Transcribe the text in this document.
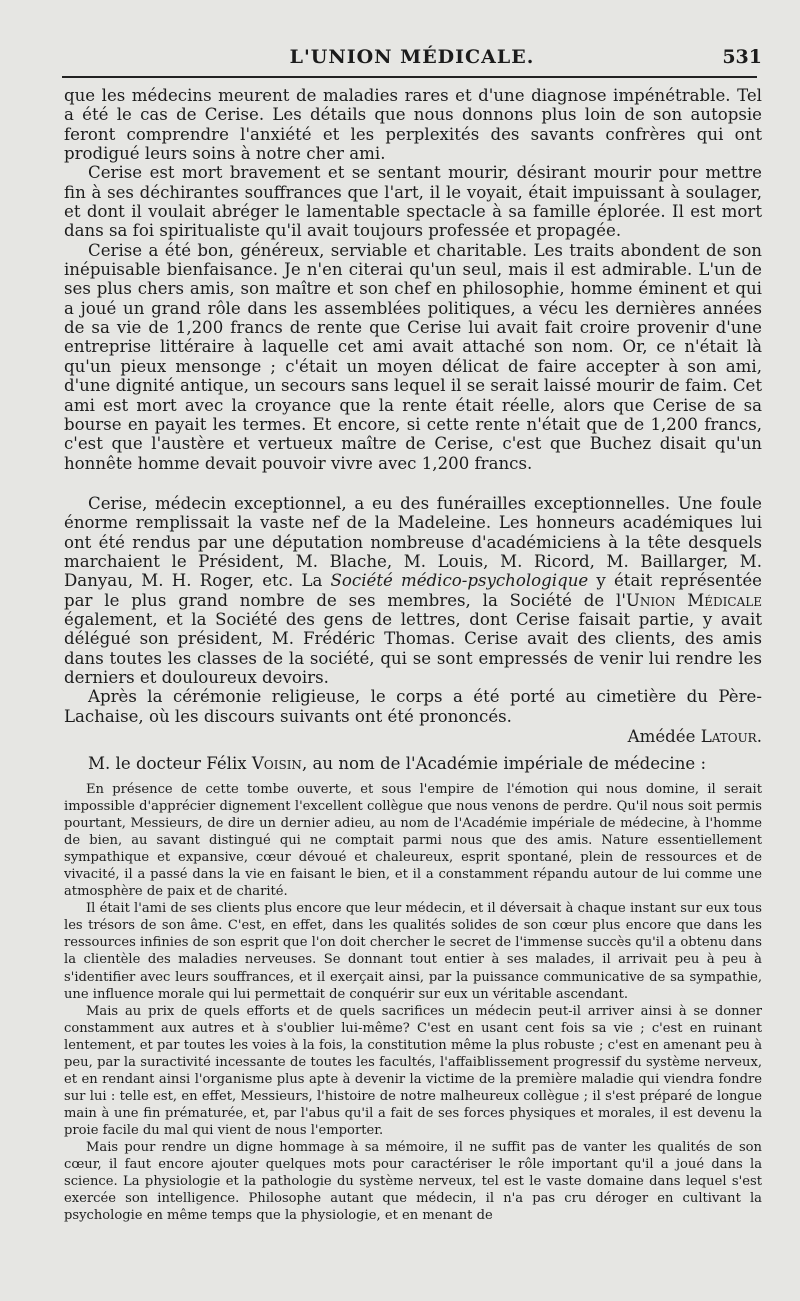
L'UNION MÉDICALE.	531

que les médecins meurent de maladies rares et d'une diagnose impénétrable. Tel a été le cas de Cerise. Les détails que nous donnons plus loin de son autopsie feront comprendre l'anxiété et les perplexités des savants confrères qui ont prodigué leurs soins à notre cher ami.

Cerise est mort bravement et se sentant mourir, désirant mourir pour mettre fin à ses déchirantes souffrances que l'art, il le voyait, était impuissant à soulager, et dont il voulait abréger le lamentable spectacle à sa famille éplorée. Il est mort dans sa foi spiritualiste qu'il avait toujours professée et propagée.

Cerise a été bon, généreux, serviable et charitable. Les traits abondent de son inépuisable bienfaisance. Je n'en citerai qu'un seul, mais il est admirable. L'un de ses plus chers amis, son maître et son chef en philosophie, homme éminent et qui a joué un grand rôle dans les assemblées politiques, a vécu les dernières années de sa vie de 1,200 francs de rente que Cerise lui avait fait croire provenir d'une entreprise littéraire à laquelle cet ami avait attaché son nom. Or, ce n'était là qu'un pieux mensonge ; c'était un moyen délicat de faire accepter à son ami, d'une dignité antique, un secours sans lequel il se serait laissé mourir de faim. Cet ami est mort avec la croyance que la rente était réelle, alors que Cerise de sa bourse en payait les termes. Et encore, si cette rente n'était que de 1,200 francs, c'est que l'austère et vertueux maître de Cerise, c'est que Buchez disait qu'un honnête homme devait pouvoir vivre avec 1,200 francs.

Cerise, médecin exceptionnel, a eu des funérailles exceptionnelles. Une foule énorme remplissait la vaste nef de la Madeleine. Les honneurs académiques lui ont été rendus par une députation nombreuse d'académiciens à la tête desquels marchaient le Président, M. Blache, M. Louis, M. Ricord, M. Baillarger, M. Danyau, M. H. Roger, etc. La Société médico-psychologique y était représentée par le plus grand nombre de ses membres, la Société de l'Union Médicale également, et la Société des gens de lettres, dont Cerise faisait partie, y avait délégué son président, M. Frédéric Thomas. Cerise avait des clients, des amis dans toutes les classes de la société, qui se sont empressés de venir lui rendre les derniers et douloureux devoirs.

Après la cérémonie religieuse, le corps a été porté au cimetière du Père-Lachaise, où les discours suivants ont été prononcés.

Amédée Latour.
M. le docteur Félix Voisin, au nom de l'Académie impériale de médecine :

En présence de cette tombe ouverte, et sous l'empire de l'émotion qui nous domine, il serait impossible d'apprécier dignement l'excellent collègue que nous venons de perdre. Qu'il nous soit permis pourtant, Messieurs, de dire un dernier adieu, au nom de l'Académie impériale de médecine, à l'homme de bien, au savant distingué qui ne comptait parmi nous que des amis. Nature essentiellement sympathique et expansive, cœur dévoué et chaleureux, esprit spontané, plein de ressources et de vivacité, il a passé dans la vie en faisant le bien, et il a constamment répandu autour de lui comme une atmosphère de paix et de charité.

Il était l'ami de ses clients plus encore que leur médecin, et il déversait à chaque instant sur eux tous les trésors de son âme. C'est, en effet, dans les qualités solides de son cœur plus encore que dans les ressources infinies de son esprit que l'on doit chercher le secret de l'immense succès qu'il a obtenu dans la clientèle des maladies nerveuses. Se donnant tout entier à ses malades, il arrivait peu à peu à s'identifier avec leurs souffrances, et il exerçait ainsi, par la puissance communicative de sa sympathie, une influence morale qui lui permettait de conquérir sur eux un véritable ascendant.

Mais au prix de quels efforts et de quels sacrifices un médecin peut-il arriver ainsi à se donner constamment aux autres et à s'oublier lui-même? C'est en usant cent fois sa vie ; c'est en ruinant lentement, et par toutes les voies à la fois, la constitution même la plus robuste ; c'est en amenant peu à peu, par la suractivité incessante de toutes les facultés, l'affaiblissement progressif du système nerveux, et en rendant ainsi l'organisme plus apte à devenir la victime de la première maladie qui viendra fondre sur lui : telle est, en effet, Messieurs, l'histoire de notre malheureux collègue ; il s'est préparé de longue main à une fin prématurée, et, par l'abus qu'il a fait de ses forces physiques et morales, il est devenu la proie facile du mal qui vient de nous l'emporter.

Mais pour rendre un digne hommage à sa mémoire, il ne suffit pas de vanter les qualités de son cœur, il faut encore ajouter quelques mots pour caractériser le rôle important qu'il a joué dans la science. La physiologie et la pathologie du système nerveux, tel est le vaste domaine dans lequel s'est exercée son intelligence. Philosophe autant que médecin, il n'a pas cru déroger en cultivant la psychologie en même temps que la physiologie, et en menant de
